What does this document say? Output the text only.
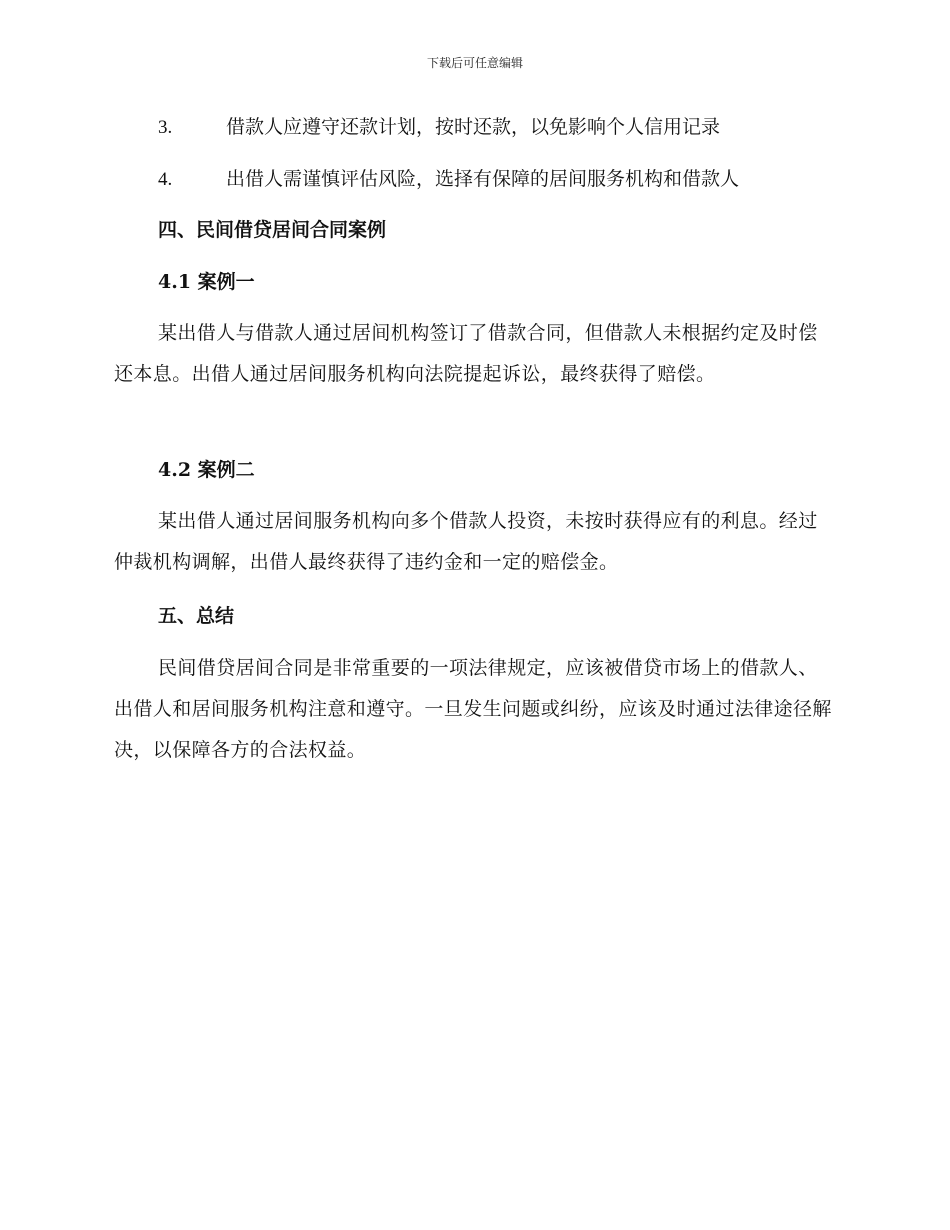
下载后可任意编辑
3.	借款人应遵守还款计划，按时还款，以免影响个人信用记录
4.	出借人需谨慎评估风险，选择有保障的居间服务机构和借款人
四、民间借贷居间合同案例
4.1 案例一
某出借人与借款人通过居间机构签订了借款合同，但借款人未根据约定及时偿还本息。出借人通过居间服务机构向法院提起诉讼，最终获得了赔偿。
4.2 案例二
某出借人通过居间服务机构向多个借款人投资，未按时获得应有的利息。经过仲裁机构调解，出借人最终获得了违约金和一定的赔偿金。
五、总结
民间借贷居间合同是非常重要的一项法律规定，应该被借贷市场上的借款人、出借人和居间服务机构注意和遵守。一旦发生问题或纠纷，应该及时通过法律途径解决，以保障各方的合法权益。
